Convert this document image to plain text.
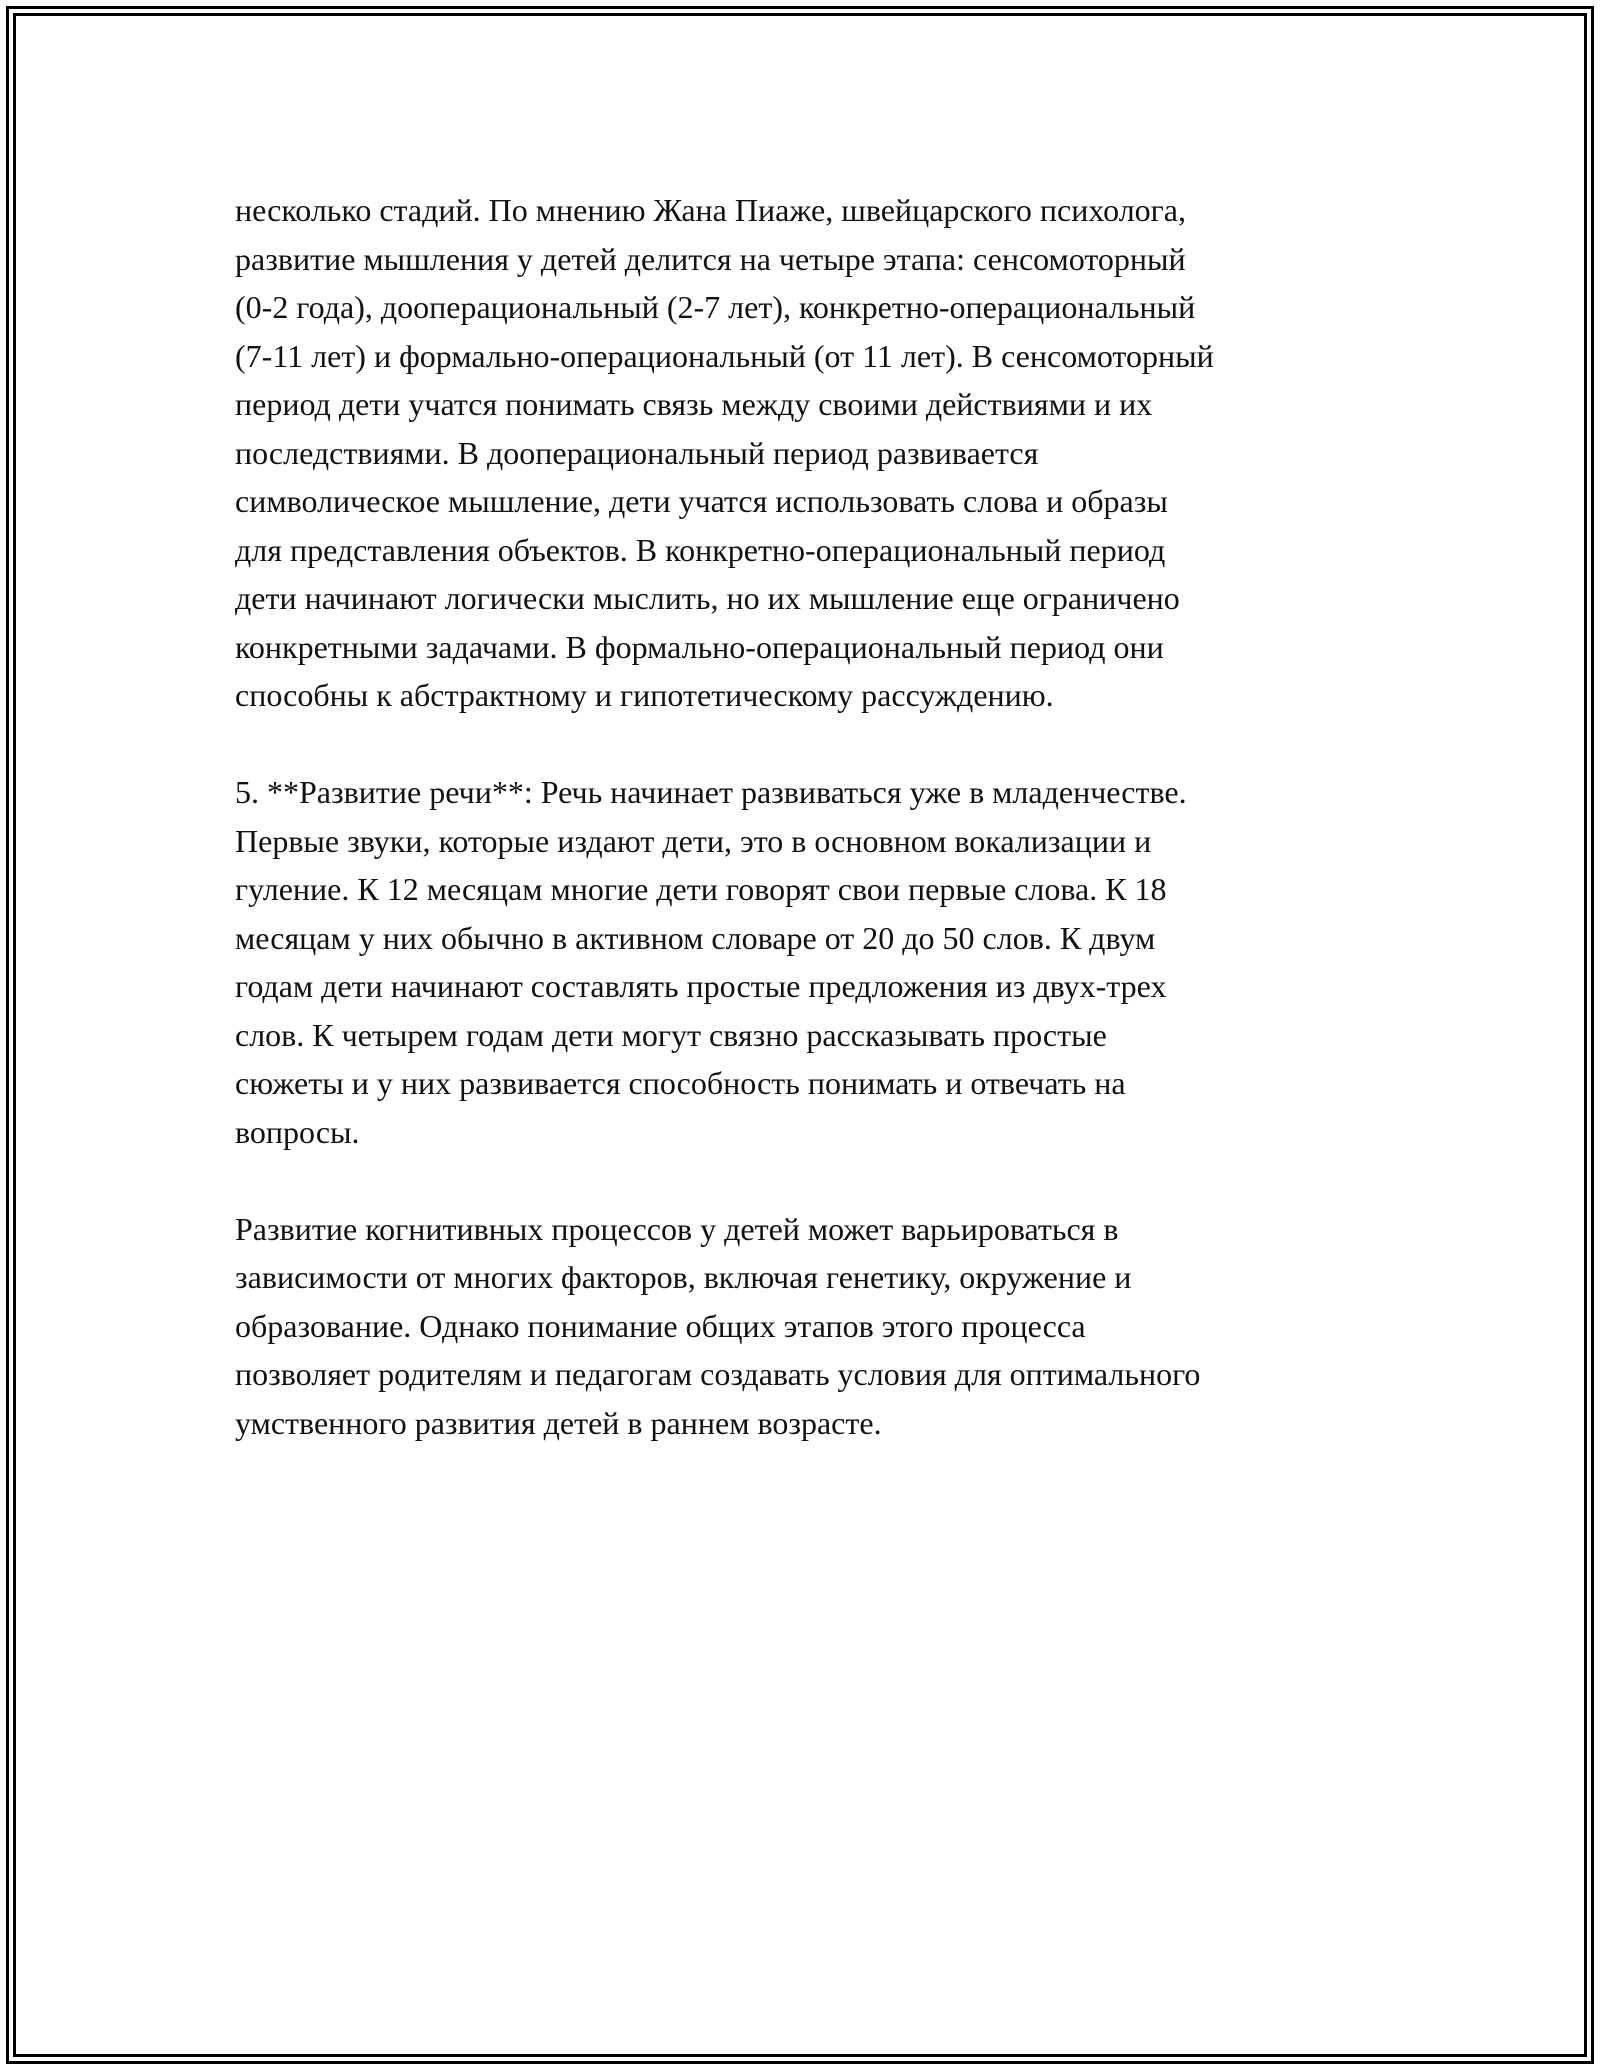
несколько стадий. По мнению Жана Пиаже, швейцарского психолога,
развитие мышления у детей делится на четыре этапа: сенсомоторный
(0-2 года), дооперациональный (2-7 лет), конкретно-операциональный
(7-11 лет) и формально-операциональный (от 11 лет). В сенсомоторный
период дети учатся понимать связь между своими действиями и их
последствиями. В дооперациональный период развивается
символическое мышление, дети учатся использовать слова и образы
для представления объектов. В конкретно-операциональный период
дети начинают логически мыслить, но их мышление еще ограничено
конкретными задачами. В формально-операциональный период они
способны к абстрактному и гипотетическому рассуждению.

5. **Развитие речи**: Речь начинает развиваться уже в младенчестве.
Первые звуки, которые издают дети, это в основном вокализации и
гуление. К 12 месяцам многие дети говорят свои первые слова. К 18
месяцам у них обычно в активном словаре от 20 до 50 слов. К двум
годам дети начинают составлять простые предложения из двух-трех
слов. К четырем годам дети могут связно рассказывать простые
сюжеты и у них развивается способность понимать и отвечать на
вопросы.

Развитие когнитивных процессов у детей может варьироваться в
зависимости от многих факторов, включая генетику, окружение и
образование. Однако понимание общих этапов этого процесса
позволяет родителям и педагогам создавать условия для оптимального
умственного развития детей в раннем возрасте.
